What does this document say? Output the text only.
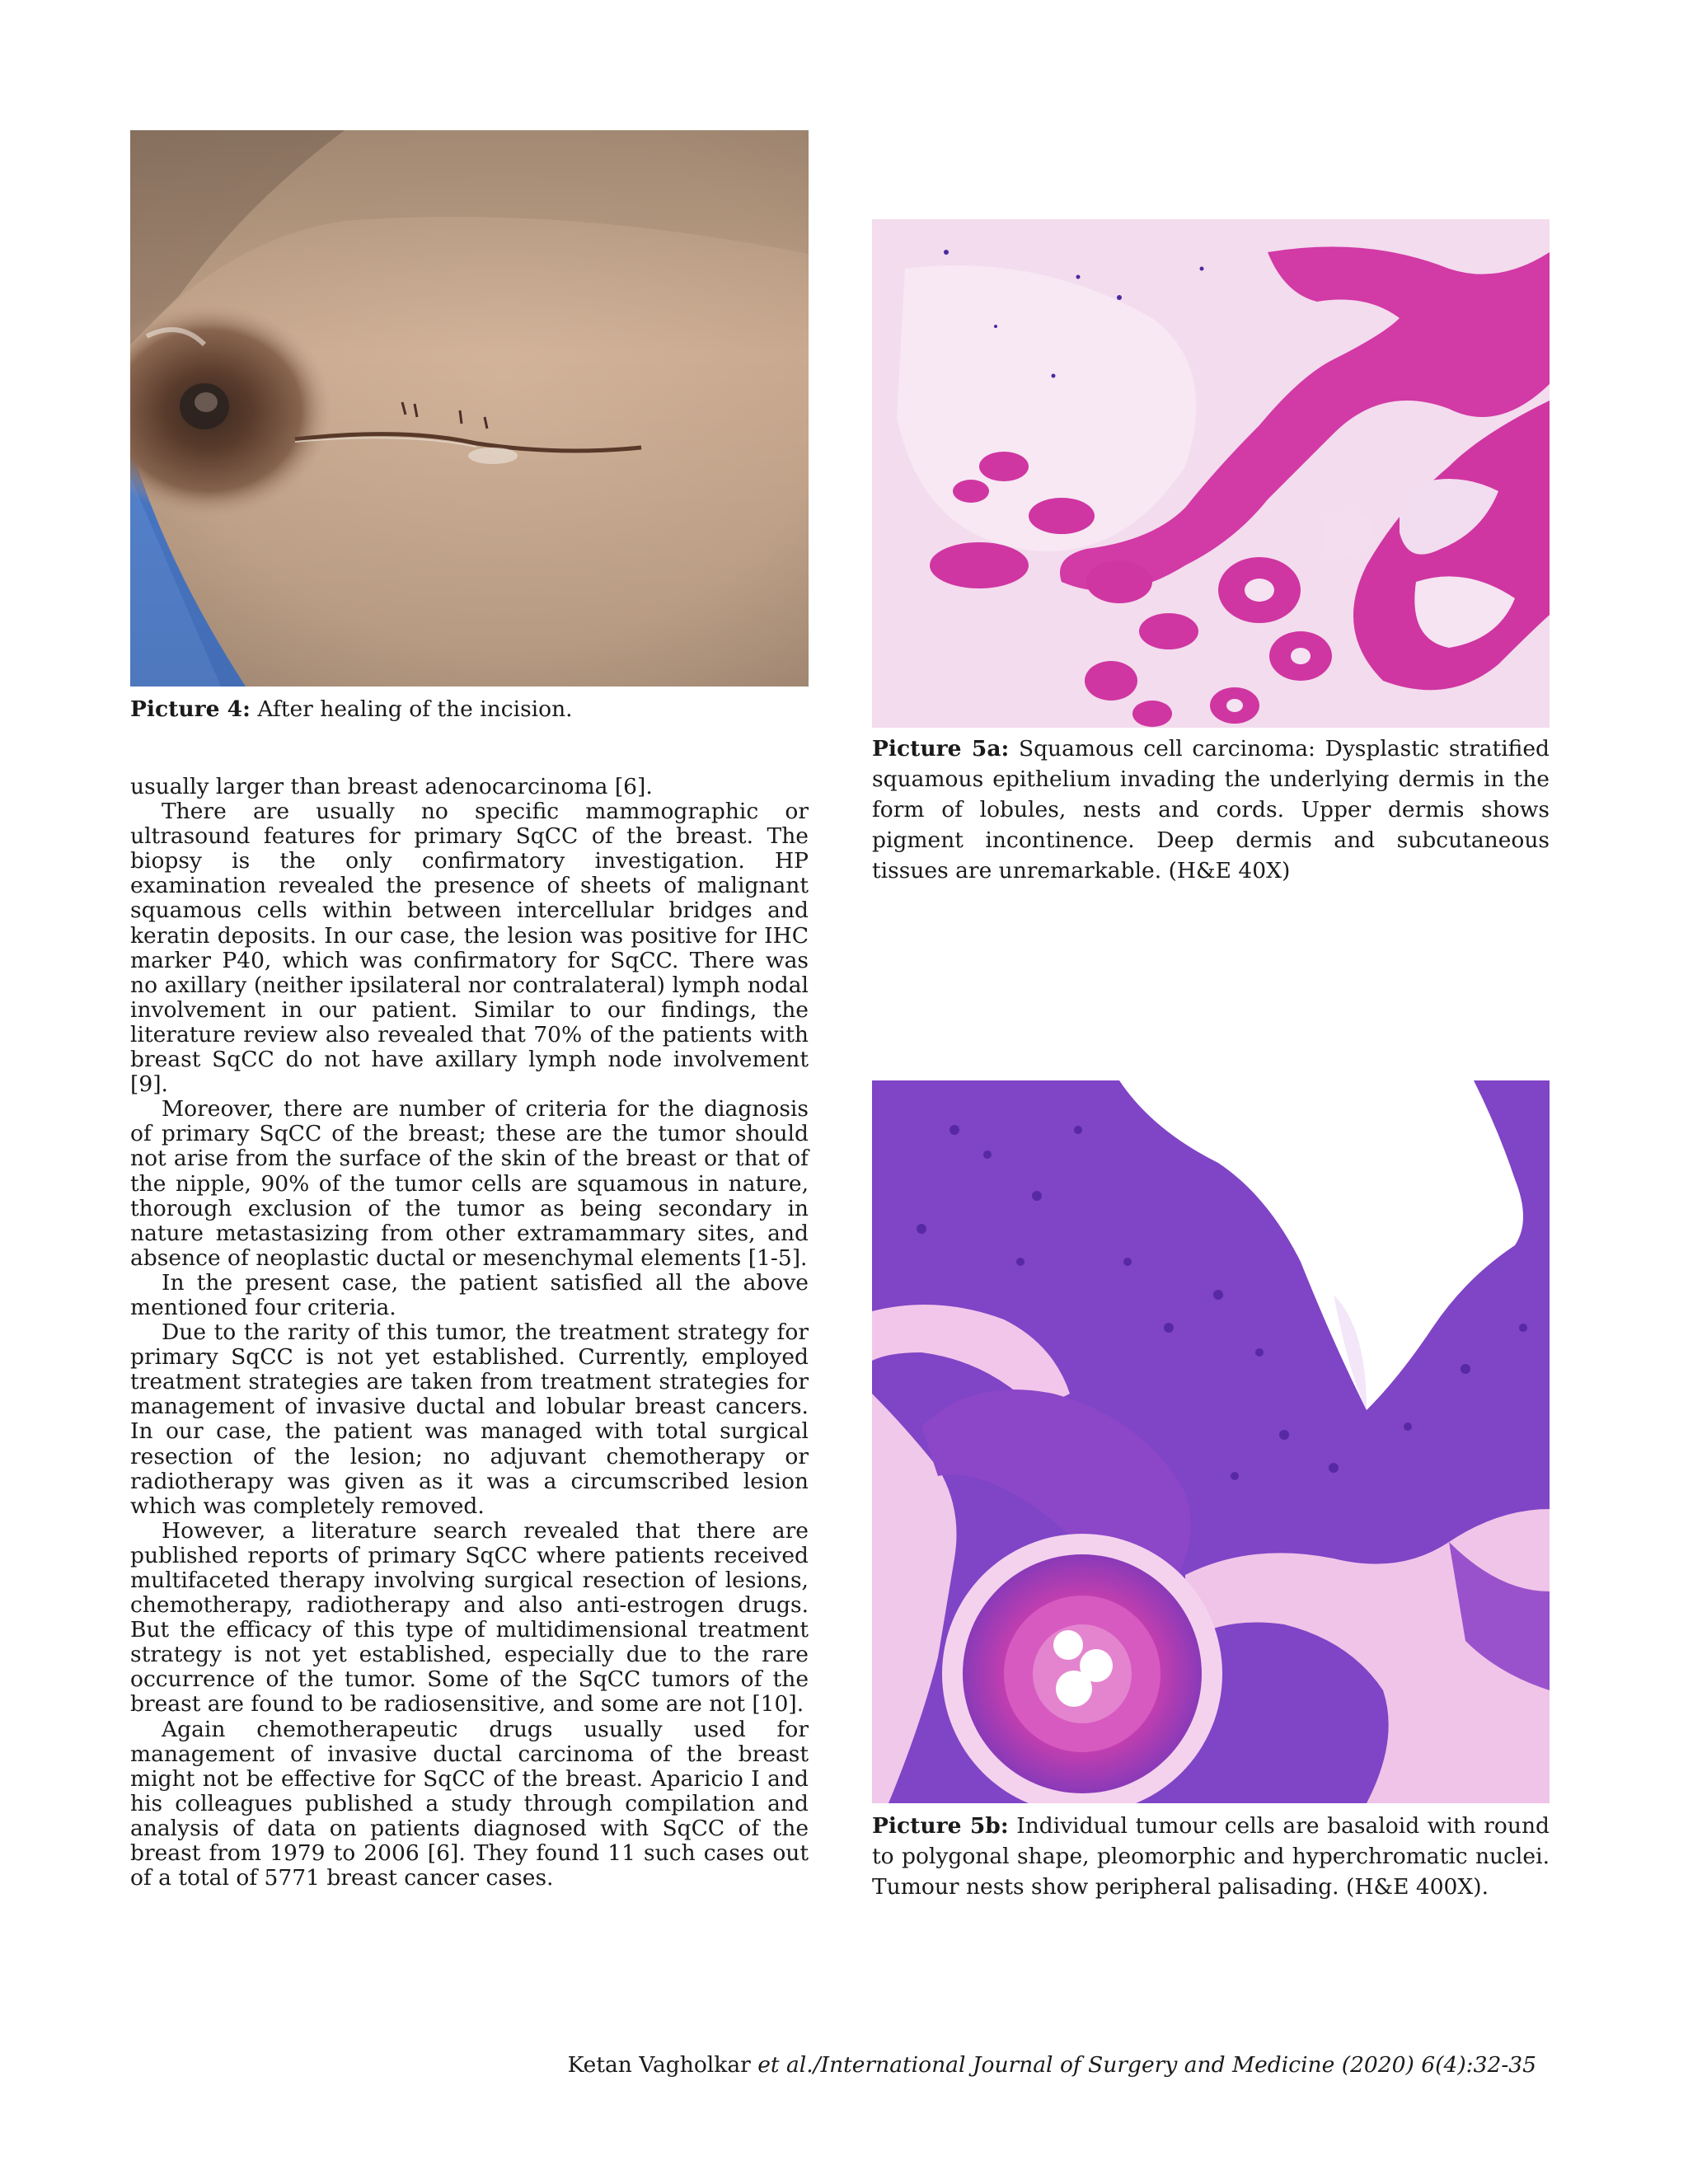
Picture 4: After healing of the incision.
Picture 5a: Squamous cell carcinoma: Dysplastic stratified squamous epithelium invading the underlying dermis in the form of lobules, nests and cords. Upper dermis shows pigment incontinence. Deep dermis and subcutaneous tissues are unremarkable. (H&E 40X)
Picture 5b: Individual tumour cells are basaloid with round to polygonal shape, pleomorphic and hyperchromatic nuclei. Tumour nests show peripheral palisading. (H&E 400X).

usually larger than breast adenocarcinoma [6].

There are usually no specific mammographic or ultrasound features for primary SqCC of the breast. The biopsy is the only confirmatory investigation. HP examination revealed the presence of sheets of malignant squamous cells within between intercellular bridges and keratin deposits. In our case, the lesion was positive for IHC marker P40, which was confirmatory for SqCC. There was no axillary (neither ipsilateral nor contralateral) lymph nodal involvement in our patient. Similar to our findings, the literature review also revealed that 70% of the patients with breast SqCC do not have axillary lymph node involvement [9].

Moreover, there are number of criteria for the diagnosis of primary SqCC of the breast; these are the tumor should not arise from the surface of the skin of the breast or that of the nipple, 90% of the tumor cells are squamous in nature, thorough exclusion of the tumor as being secondary in nature metastasizing from other extramammary sites, and absence of neoplastic ductal or mesenchymal elements [1-5].

In the present case, the patient satisfied all the above mentioned four criteria.

Due to the rarity of this tumor, the treatment strategy for primary SqCC is not yet established. Currently, employed treatment strategies are taken from treatment strategies for management of invasive ductal and lobular breast cancers. In our case, the patient was managed with total surgical resection of the lesion; no adjuvant chemotherapy or radiotherapy was given as it was a circumscribed lesion which was completely removed.

However, a literature search revealed that there are published reports of primary SqCC where patients received multifaceted therapy involving surgical resection of lesions, chemotherapy, radiotherapy and also anti-estrogen drugs. But the efficacy of this type of multidimensional treatment strategy is not yet established, especially due to the rare occurrence of the tumor. Some of the SqCC tumors of the breast are found to be radiosensitive, and some are not [10].

Again chemotherapeutic drugs usually used for management of invasive ductal carcinoma of the breast might not be effective for SqCC of the breast. Aparicio I and his colleagues published a study through compilation and analysis of data on patients diagnosed with SqCC of the breast from 1979 to 2006 [6]. They found 11 such cases out of a total of 5771 breast cancer cases.

Ketan Vagholkar et al./International Journal of Surgery and Medicine (2020) 6(4):32-35
